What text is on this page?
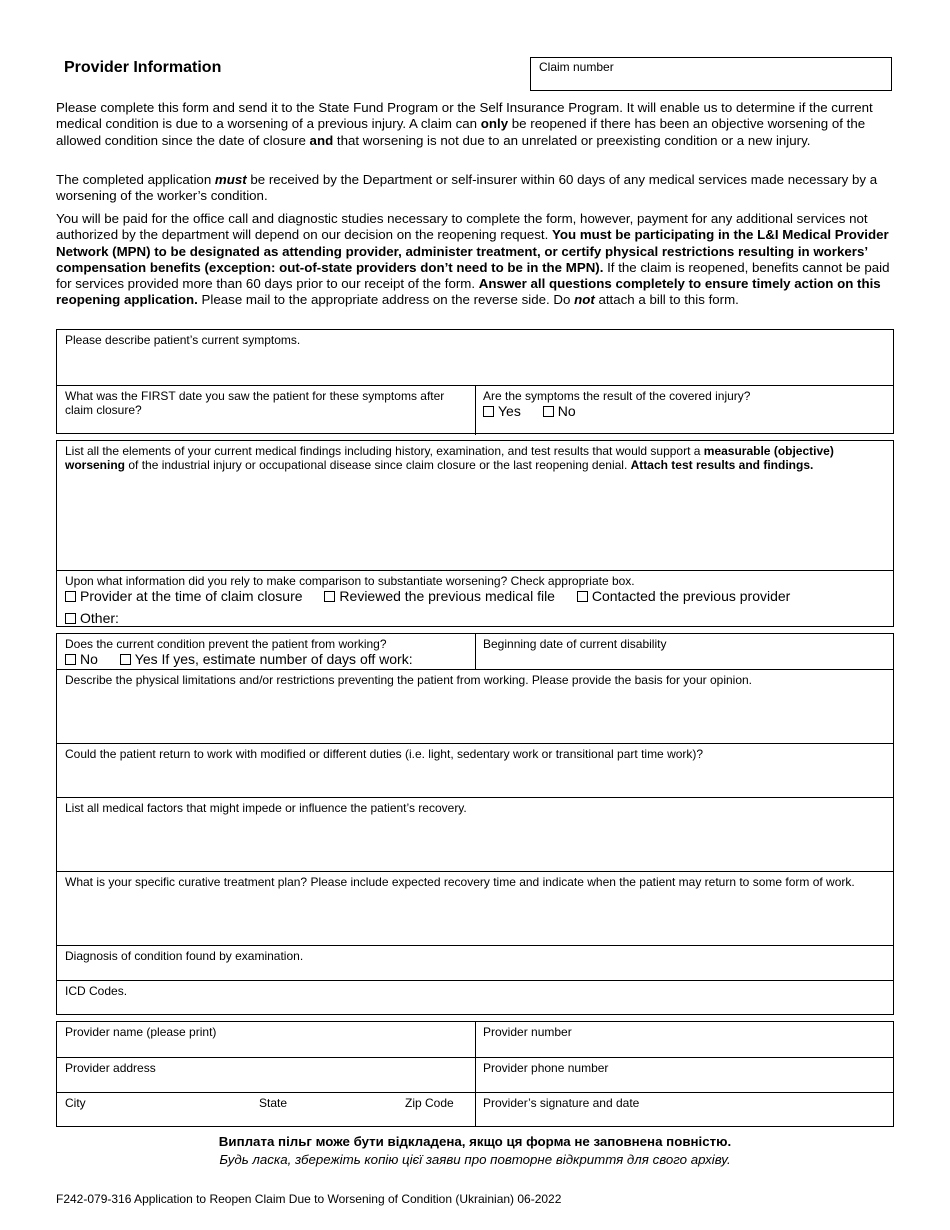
Provider Information	Claim number

Please complete this form and send it to the State Fund Program or the Self Insurance Program. It will enable us to determine if the current medical condition is due to a worsening of a previous injury. A claim can only be reopened if there has been an objective worsening of the allowed condition since the date of closure and that worsening is not due to an unrelated or preexisting condition or a new injury.

The completed application must be received by the Department or self-insurer within 60 days of any medical services made necessary by a worsening of the worker’s condition.

You will be paid for the office call and diagnostic studies necessary to complete the form, however, payment for any additional services not authorized by the department will depend on our decision on the reopening request. You must be participating in the L&I Medical Provider Network (MPN) to be designated as attending provider, administer treatment, or certify physical restrictions resulting in workers’ compensation benefits (exception: out-of-state providers don’t need to be in the MPN). If the claim is reopened, benefits cannot be paid for services provided more than 60 days prior to our receipt of the form. Answer all questions completely to ensure timely action on this reopening application. Please mail to the appropriate address on the reverse side. Do not attach a bill to this form.

Please describe patient’s current symptoms.
What was the FIRST date you saw the patient for these symptoms after claim closure?
Are the symptoms the result of the covered injury?
Yes	No
List all the elements of your current medical findings including history, examination, and test results that would support a measurable (objective) worsening of the industrial injury or occupational disease since claim closure or the last reopening denial. Attach test results and findings.
Upon what information did you rely to make comparison to substantiate worsening? Check appropriate box.
Provider at the time of claim closure	Reviewed the previous medical file	Contacted the previous provider
Other:
Does the current condition prevent the patient from working?
No	Yes If yes, estimate number of days off work:
Beginning date of current disability
Describe the physical limitations and/or restrictions preventing the patient from working. Please provide the basis for your opinion.
Could the patient return to work with modified or different duties (i.e. light, sedentary work or transitional part time work)?
List all medical factors that might impede or influence the patient’s recovery.
What is your specific curative treatment plan? Please include expected recovery time and indicate when the patient may return to some form of work.
Diagnosis of condition found by examination.
ICD Codes.
Provider name (please print)	Provider number
Provider address	Provider phone number
City	State	Zip Code	Provider’s signature and date
Виплата пільг може бути відкладена, якщо ця форма не заповнена повністю.
Будь ласка, збережіть копію цієї заяви про повторне відкриття для свого архіву.
F242-079-316 Application to Reopen Claim Due to Worsening of Condition (Ukrainian) 06-2022
